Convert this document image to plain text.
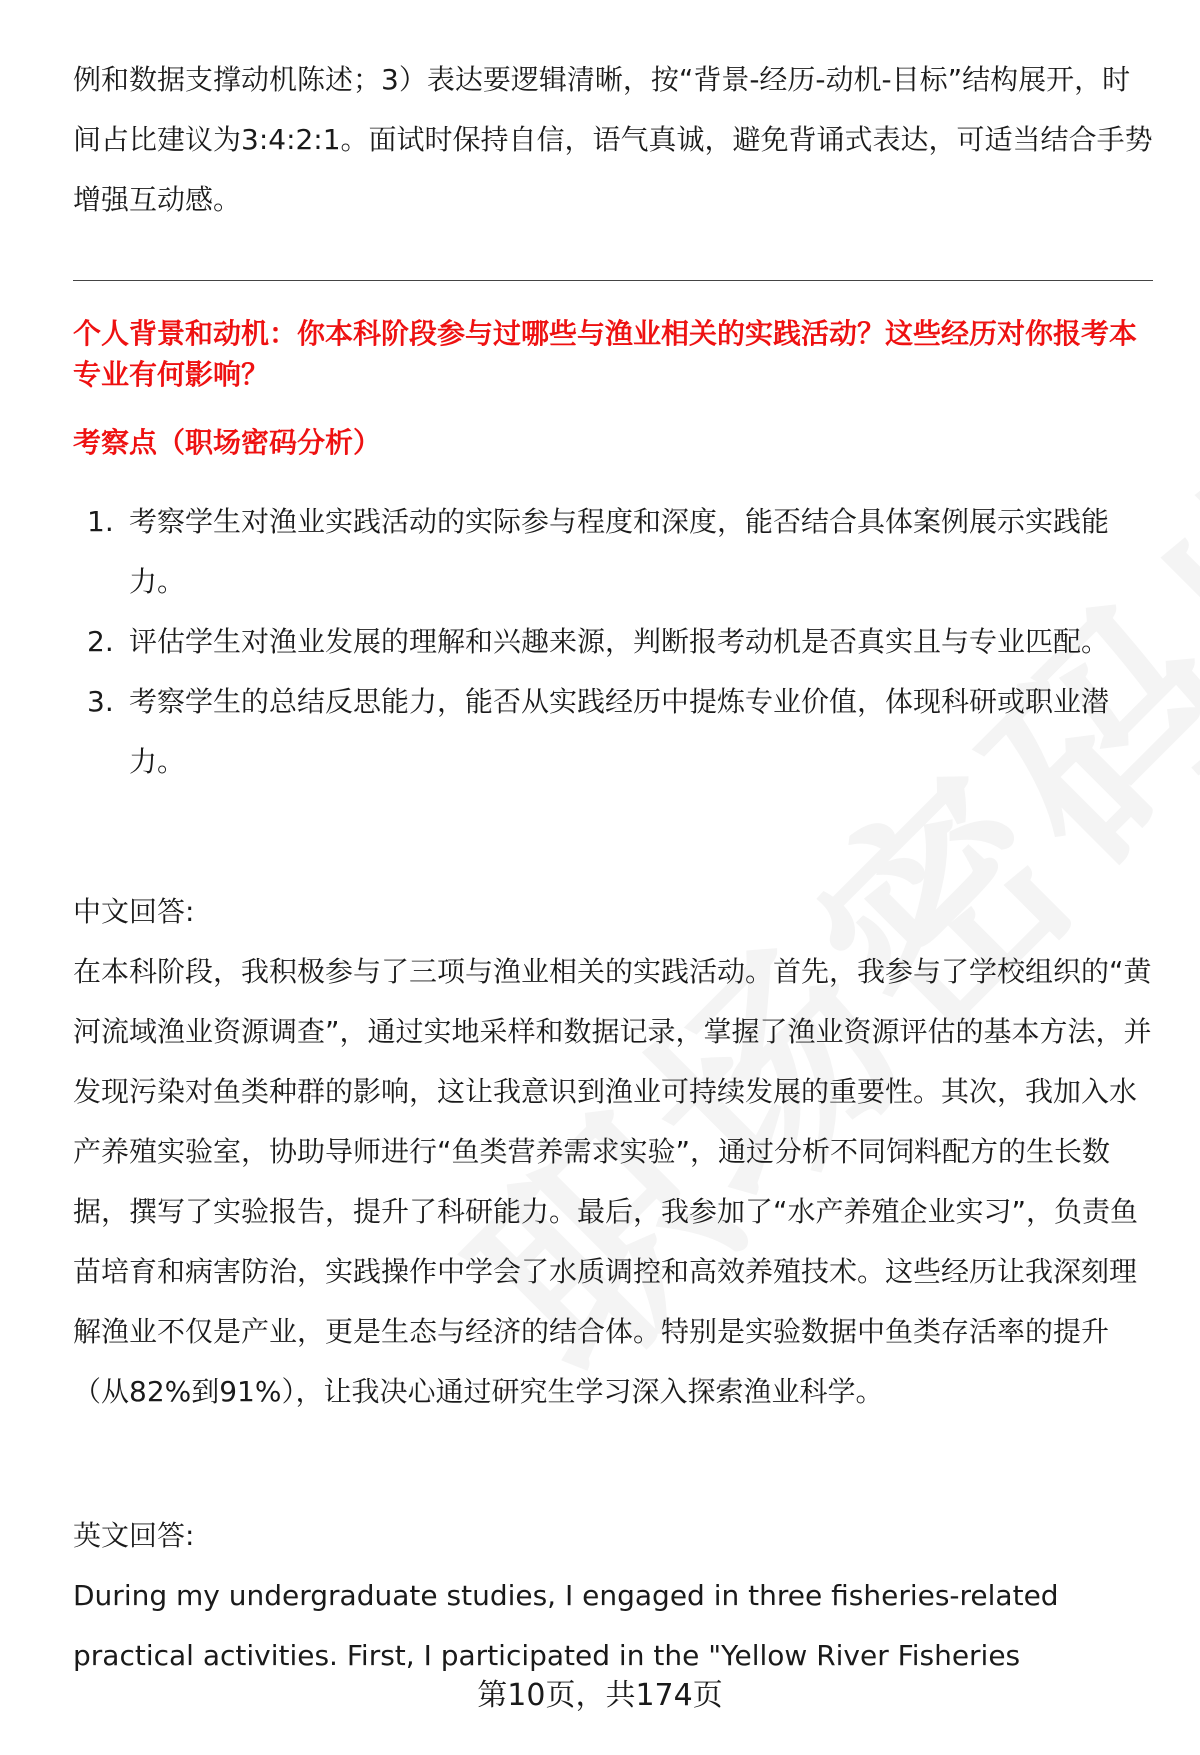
例和数据支撑动机陈述；3）表达要逻辑清晰，按“背景-经历-动机-目标”结构展开，时间占比建议为3:4:2:1。面试时保持自信，语气真诚，避免背诵式表达，可适当结合手势增强互动感。

个人背景和动机：你本科阶段参与过哪些与渔业相关的实践活动？这些经历对你报考本专业有何影响？

考察点（职场密码分析）

1. 考察学生对渔业实践活动的实际参与程度和深度，能否结合具体案例展示实践能力。
2. 评估学生对渔业发展的理解和兴趣来源，判断报考动机是否真实且与专业匹配。
3. 考察学生的总结反思能力，能否从实践经历中提炼专业价值，体现科研或职业潜力。

中文回答:

在本科阶段，我积极参与了三项与渔业相关的实践活动。首先，我参与了学校组织的“黄河流域渔业资源调查”，通过实地采样和数据记录，掌握了渔业资源评估的基本方法，并发现污染对鱼类种群的影响，这让我意识到渔业可持续发展的重要性。其次，我加入水产养殖实验室，协助导师进行“鱼类营养需求实验”，通过分析不同饲料配方的生长数据，撰写了实验报告，提升了科研能力。最后，我参加了“水产养殖企业实习”，负责鱼苗培育和病害防治，实践操作中学会了水质调控和高效养殖技术。这些经历让我深刻理解渔业不仅是产业，更是生态与经济的结合体。特别是实验数据中鱼类存活率的提升（从82%到91%），让我决心通过研究生学习深入探索渔业科学。

英文回答:

During my undergraduate studies, I engaged in three fisheries-related practical activities. First, I participated in the "Yellow River Fisheries

第10页，共174页
